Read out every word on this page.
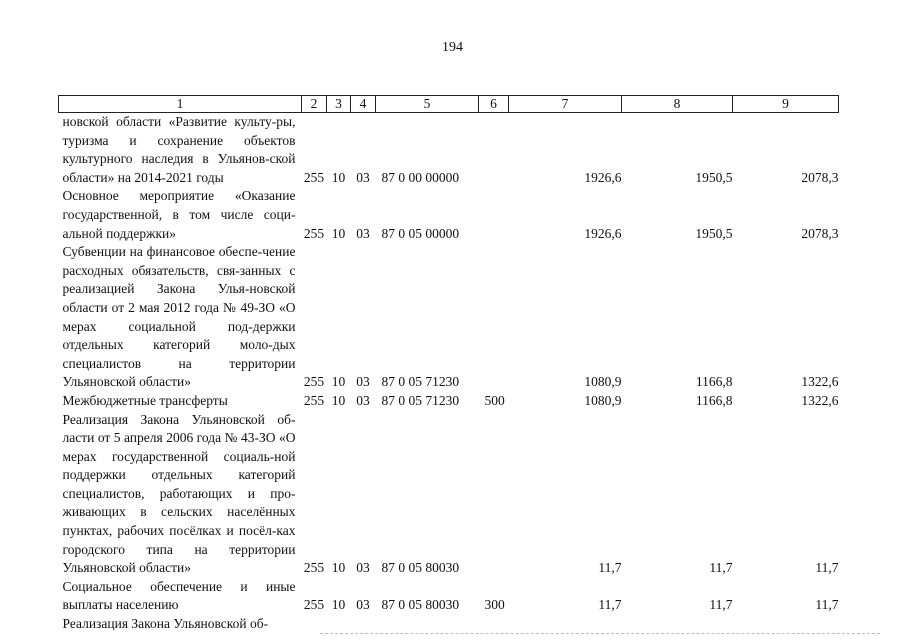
194
1	2	3	4	5	6	7	8	9
новской области «Развитие культу-ры, туризма и сохранение объектов культурного наследия в Ульянов-ской области» на 2014-2021 годы	255	10	03	87 0 00 00000		1926,6	1950,5	2078,3
Основное мероприятие «Оказание государственной, в том числе соци-альной поддержки»	255	10	03	87 0 05 00000		1926,6	1950,5	2078,3
Субвенции на финансовое обеспе-чение расходных обязательств, свя-занных с реализацией Закона Улья-новской области от 2 мая 2012 года № 49-ЗО «О мерах социальной под-держки отдельных категорий моло-дых специалистов на территории Ульяновской области»	255	10	03	87 0 05 71230		1080,9	1166,8	1322,6
Межбюджетные трансферты	255	10	03	87 0 05 71230	500	1080,9	1166,8	1322,6
Реализация Закона Ульяновской об-ласти от 5 апреля 2006 года № 43-ЗО «О мерах государственной социаль-ной поддержки отдельных категорий специалистов, работающих и про-живающих в сельских населённых пунктах, рабочих посёлках и посёл-ках городского типа на территории Ульяновской области»	255	10	03	87 0 05 80030		11,7	11,7	11,7
Социальное обеспечение и иные выплаты населению	255	10	03	87 0 05 80030	300	11,7	11,7	11,7
Реализация Закона Ульяновской об-								
